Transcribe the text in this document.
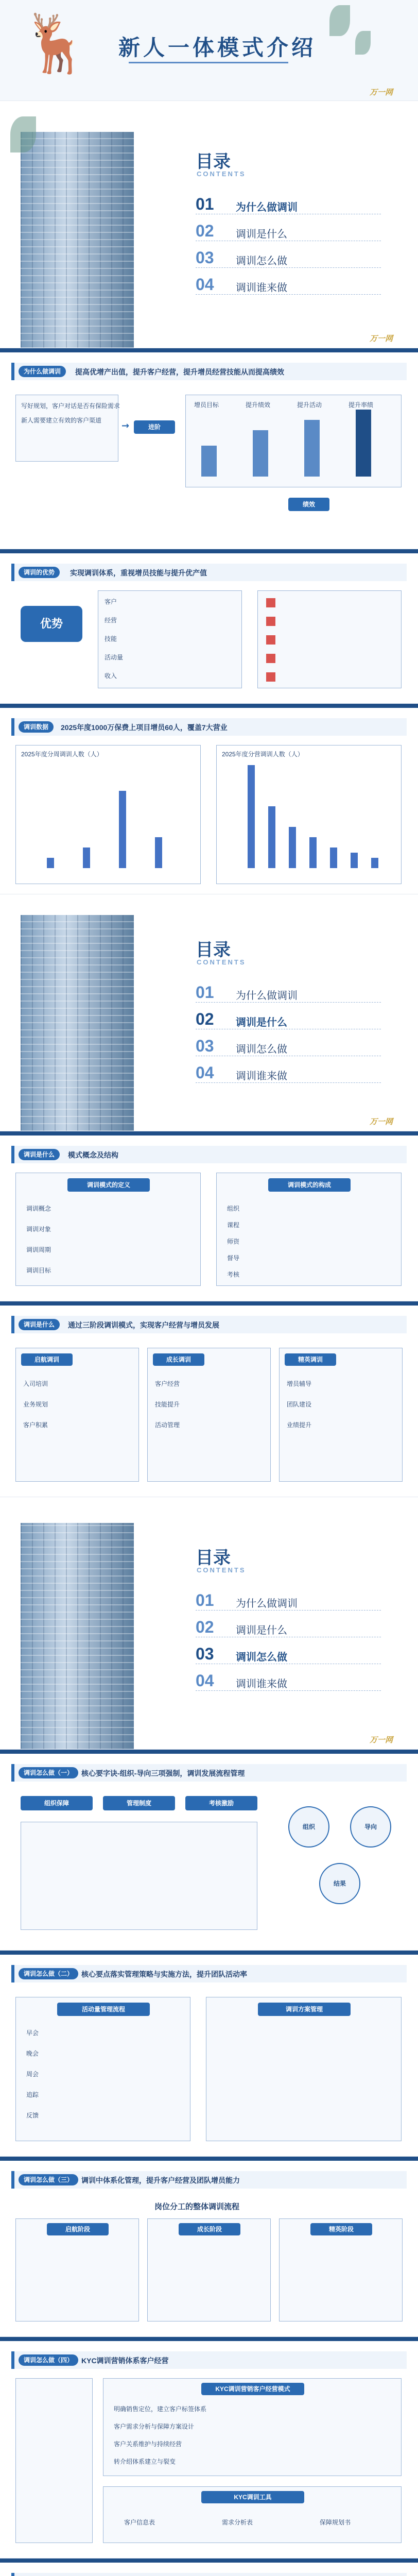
🦌 新人一体模式介绍
万一网
目录
CONTENTS
01 为什么做调训
02 调训是什么
03 调训怎么做
04 调训谁来做
万一网
为什么做调训	提高优增产出值，提升客户经营，提升增员经营技能从而提高绩效
写好规划，客户对话是否有保险需求
新人需要建立有效的客户渠道 →	进阶
增员目标	提升绩效	提升活动	提升率绩
绩效
调训的优势	实现调训体系，重视增员技能与提升优产值
优势
客户
经营
技能
活动量
收入
调训数据	2025年度1000万保费上项目增员60人，覆盖7大营业
2025年度分周调训人数（人）	2025年度分营调训人数（人）
目录
CONTENTS
01 为什么做调训
02 调训是什么
03 调训怎么做
04 调训谁来做
万一网
调训是什么	模式概念及结构
调训模式的定义
调训概念
调训对象
调训周期
调训目标
调训模式的构成
组织
课程
师资
督导
考核
调训是什么	通过三阶段调训模式，实现客户经营与增员发展
启航调训
入司培训
业务规划
客户积累
成长调训
客户经营
技能提升
活动管理
精英调训
增员辅导
团队建设
业绩提升
目录
CONTENTS
01 为什么做调训
02 调训是什么
03 调训怎么做
04 调训谁来做
万一网
调训怎么做（一）	核心要字诀-组织-导向三项强制，调训发展流程管理
组织保障	管理制度	考核激励
组织	导向
结果
调训怎么做（二）	核心要点落实管理策略与实施方法，提升团队活动率
活动量管理流程
早会
晚会
周会
追踪
反馈
调训方案管理
调训怎么做（三）	调训中体系化管理，提升客户经营及团队增员能力
岗位分工的整体调训流程
启航阶段	成长阶段	精英阶段
调训怎么做（四）	KYC调训营销体系客户经营
KYC调训营销客户经营模式
明确销售定位，建立客户标签体系
客户需求分析与保障方案设计
客户关系维护与持续经营
转介绍体系建立与裂变
KYC调训工具
客户信息表	需求分析表	保障规划书
